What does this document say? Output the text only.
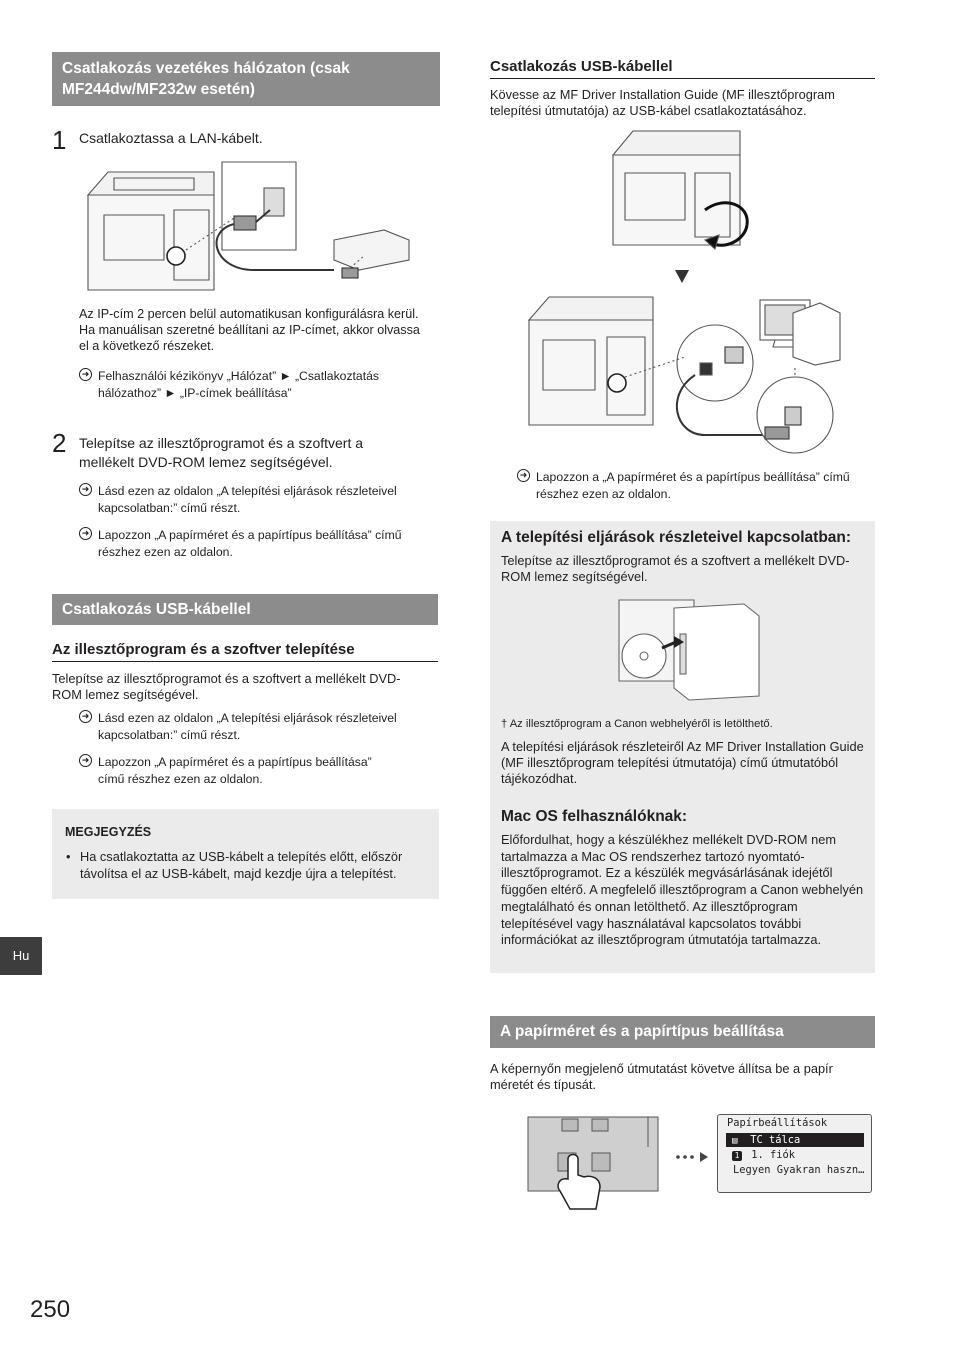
Csatlakozás vezetékes hálózaton (csak MF244dw/MF232w esetén)
1 Csatlakoztassa a LAN-kábelt.
Az IP-cím 2 percen belül automatikusan konfigurálásra kerül. Ha manuálisan szeretné beállítani az IP-címet, akkor olvassa el a következő részeket.
➜ Felhasználói kézikönyv „Hálózat” ► „Csatlakoztatás hálózathoz” ► „IP-címek beállítása”
2 Telepítse az illesztőprogramot és a szoftvert a mellékelt DVD-ROM lemez segítségével.
➜ Lásd ezen az oldalon „A telepítési eljárások részleteivel kapcsolatban:” című részt.
➜ Lapozzon „A papírméret és a papírtípus beállítása” című részhez ezen az oldalon.
Csatlakozás USB-kábellel
Az illesztőprogram és a szoftver telepítése
Telepítse az illesztőprogramot és a szoftvert a mellékelt DVD-ROM lemez segítségével.
➜ Lásd ezen az oldalon „A telepítési eljárások részleteivel kapcsolatban:” című részt.
➜ Lapozzon „A papírméret és a papírtípus beállítása” című részhez ezen az oldalon.
MEGJEGYZÉS
• Ha csatlakoztatta az USB-kábelt a telepítés előtt, először távolítsa el az USB-kábelt, majd kezdje újra a telepítést.
Hu
250
Csatlakozás USB-kábellel
Kövesse az MF Driver Installation Guide (MF illesztőprogram telepítési útmutatója) az USB-kábel csatlakoztatásához.
➜ Lapozzon a „A papírméret és a papírtípus beállítása” című részhez ezen az oldalon.
A telepítési eljárások részleteivel kapcsolatban:
Telepítse az illesztőprogramot és a szoftvert a mellékelt DVD-ROM lemez segítségével.
† Az illesztőprogram a Canon webhelyéről is letölthető.
A telepítési eljárások részleteiről Az MF Driver Installation Guide (MF illesztőprogram telepítési útmutatója) című útmutatóból tájékozódhat.
Mac OS felhasználóknak:
Előfordulhat, hogy a készülékhez mellékelt DVD-ROM nem tartalmazza a Mac OS rendszerhez tartozó nyomtató-illesztőprogramot. Ez a készülék megvásárlásának idejétől függően eltérő. A megfelelő illesztőprogram a Canon webhelyén megtalálható és onnan letölthető. Az illesztőprogram telepítésével vagy használatával kapcsolatos további információkat az illesztőprogram útmutatója tartalmazza.
A papírméret és a papírtípus beállítása
A képernyőn megjelenő útmutatást követve állítsa be a papír méretét és típusát.
Papírbeállítások
▤ TC tálca
1 1. fiók
Legyen Gyakran haszn…
